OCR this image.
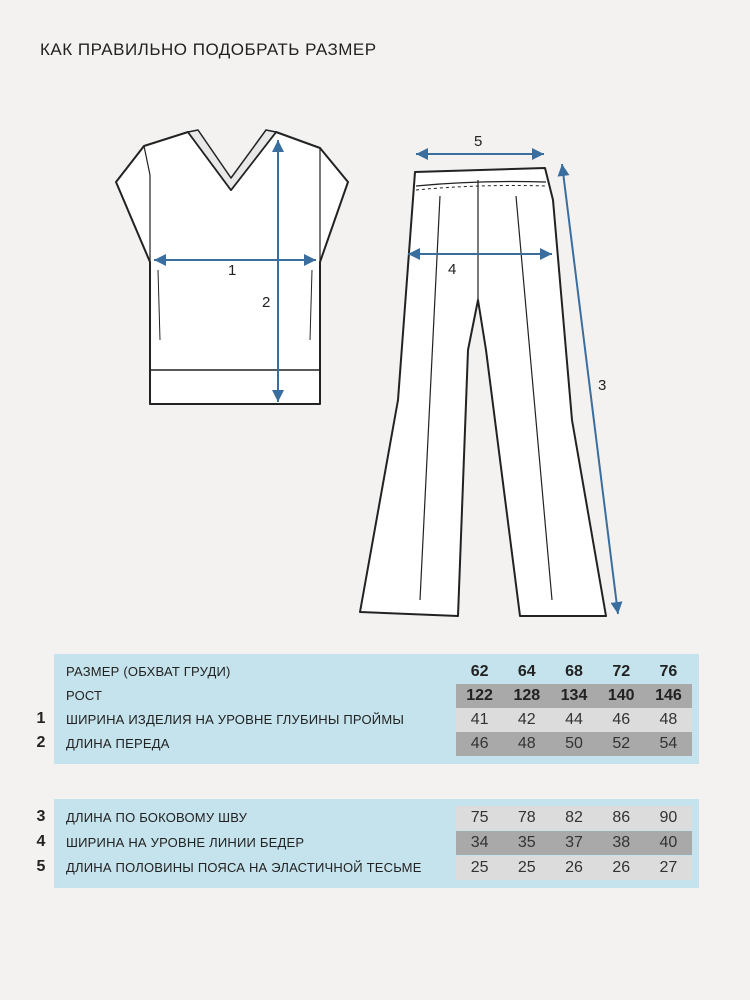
КАК ПРАВИЛЬНО ПОДОБРАТЬ РАЗМЕР
1
2
3
4
5
РАЗМЕР (ОБХВАТ ГРУДИ)	62	64	68	72	76
РОСТ	122	128	134	140	146
1 ШИРИНА ИЗДЕЛИЯ НА УРОВНЕ ГЛУБИНЫ ПРОЙМЫ	41	42	44	46	48
2 ДЛИНА ПЕРЕДА	46	48	50	52	54
3 ДЛИНА ПО БОКОВОМУ ШВУ	75	78	82	86	90
4 ШИРИНА НА УРОВНЕ ЛИНИИ БЕДЕР	34	35	37	38	40
5 ДЛИНА ПОЛОВИНЫ ПОЯСА НА ЭЛАСТИЧНОЙ ТЕСЬМЕ	25	25	26	26	27
